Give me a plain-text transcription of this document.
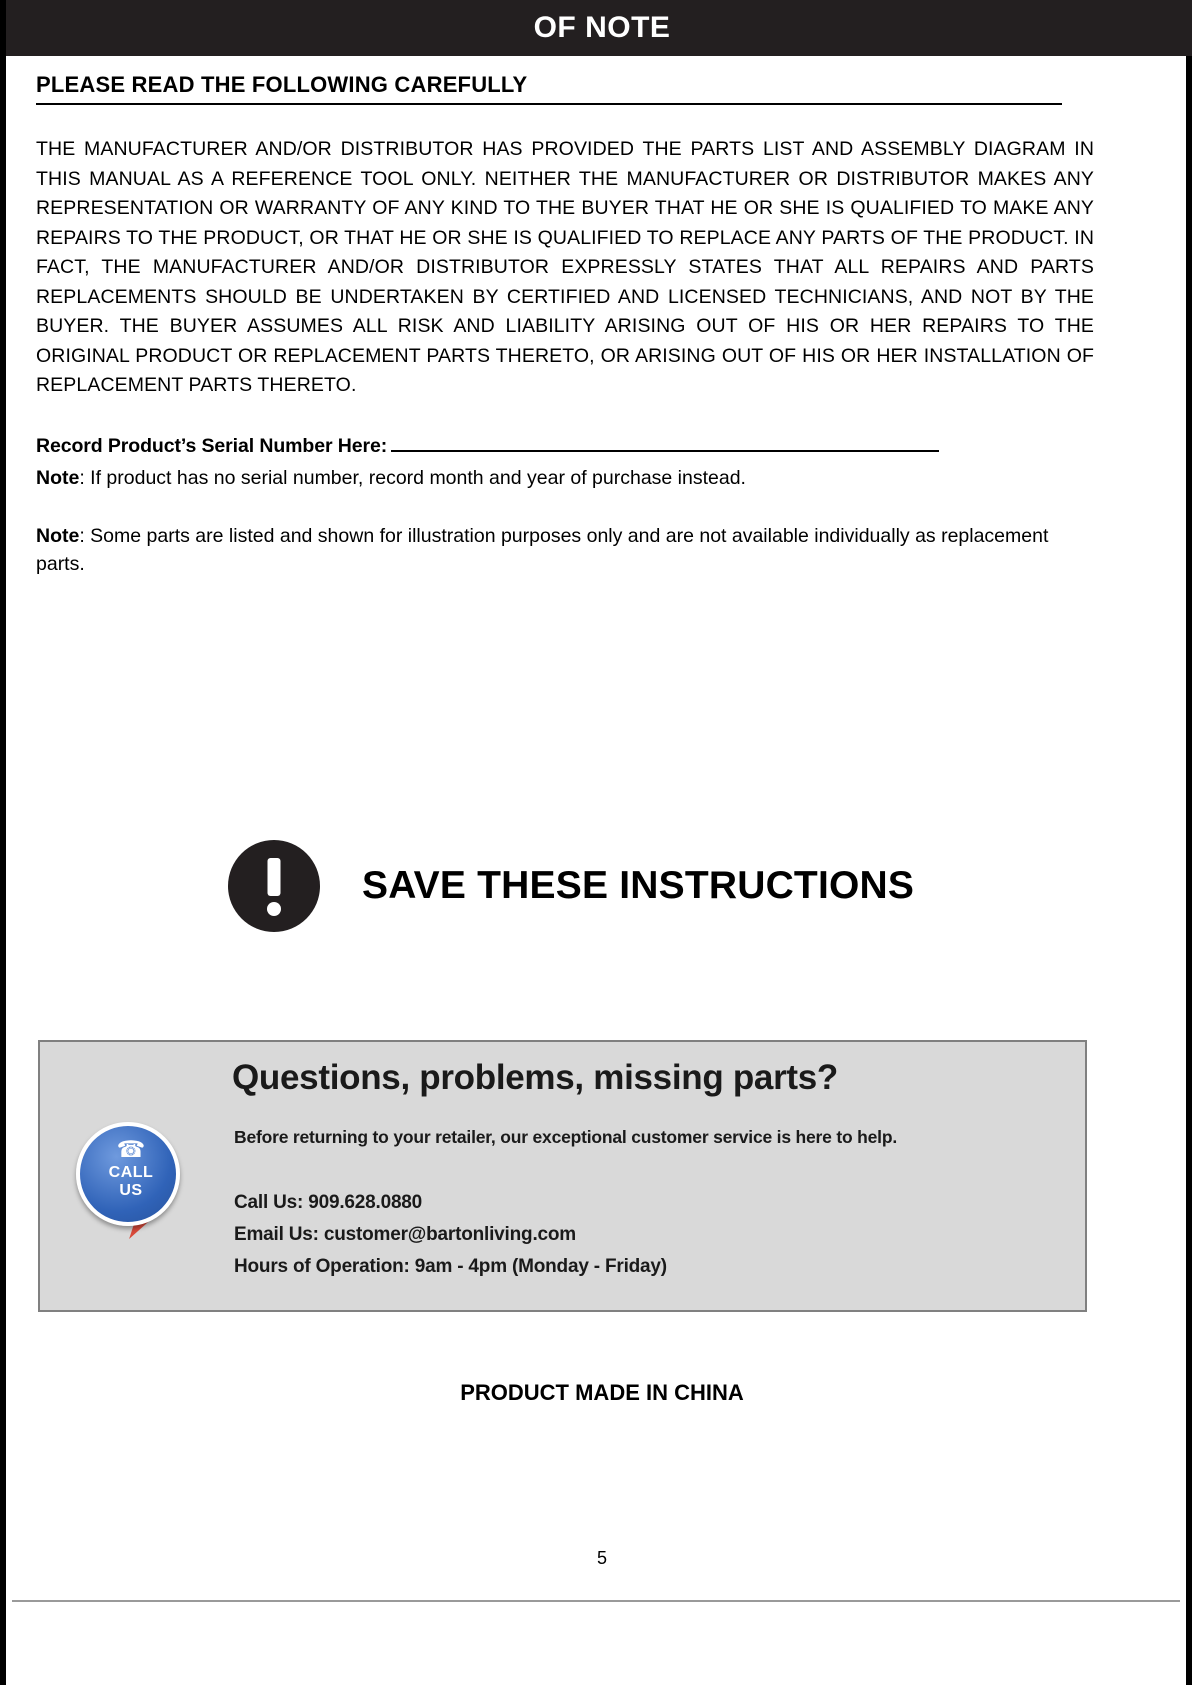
OF NOTE
PLEASE READ THE FOLLOWING CAREFULLY

THE MANUFACTURER AND/OR DISTRIBUTOR HAS PROVIDED THE PARTS LIST AND ASSEMBLY DIAGRAM IN THIS MANUAL AS A REFERENCE TOOL ONLY. NEITHER THE MANUFACTURER OR DISTRIBUTOR MAKES ANY REPRESENTATION OR WARRANTY OF ANY KIND TO THE BUYER THAT HE OR SHE IS QUALIFIED TO MAKE ANY REPAIRS TO THE PRODUCT, OR THAT HE OR SHE IS QUALIFIED TO REPLACE ANY PARTS OF THE PRODUCT. IN FACT, THE MANUFACTURER AND/OR DISTRIBUTOR EXPRESSLY STATES THAT ALL REPAIRS AND PARTS REPLACEMENTS SHOULD BE UNDERTAKEN BY CERTIFIED AND LICENSED TECHNICIANS, AND NOT BY THE BUYER. THE BUYER ASSUMES ALL RISK AND LIABILITY ARISING OUT OF HIS OR HER REPAIRS TO THE ORIGINAL PRODUCT OR REPLACEMENT PARTS THERETO, OR ARISING OUT OF HIS OR HER INSTALLATION OF REPLACEMENT PARTS THERETO.

Record Product’s Serial Number Here:
Note: If product has no serial number, record month and year of purchase instead.
Note: Some parts are listed and shown for illustration purposes only and are not available individually as replacement parts.
SAVE THESE INSTRUCTIONS
☎
CALL
US
Questions, problems, missing parts?
Before returning to your retailer, our exceptional customer service is here to help.
Call Us: 909.628.0880
Email Us: customer@bartonliving.com
Hours of Operation: 9am - 4pm (Monday - Friday)
PRODUCT MADE IN CHINA
5
